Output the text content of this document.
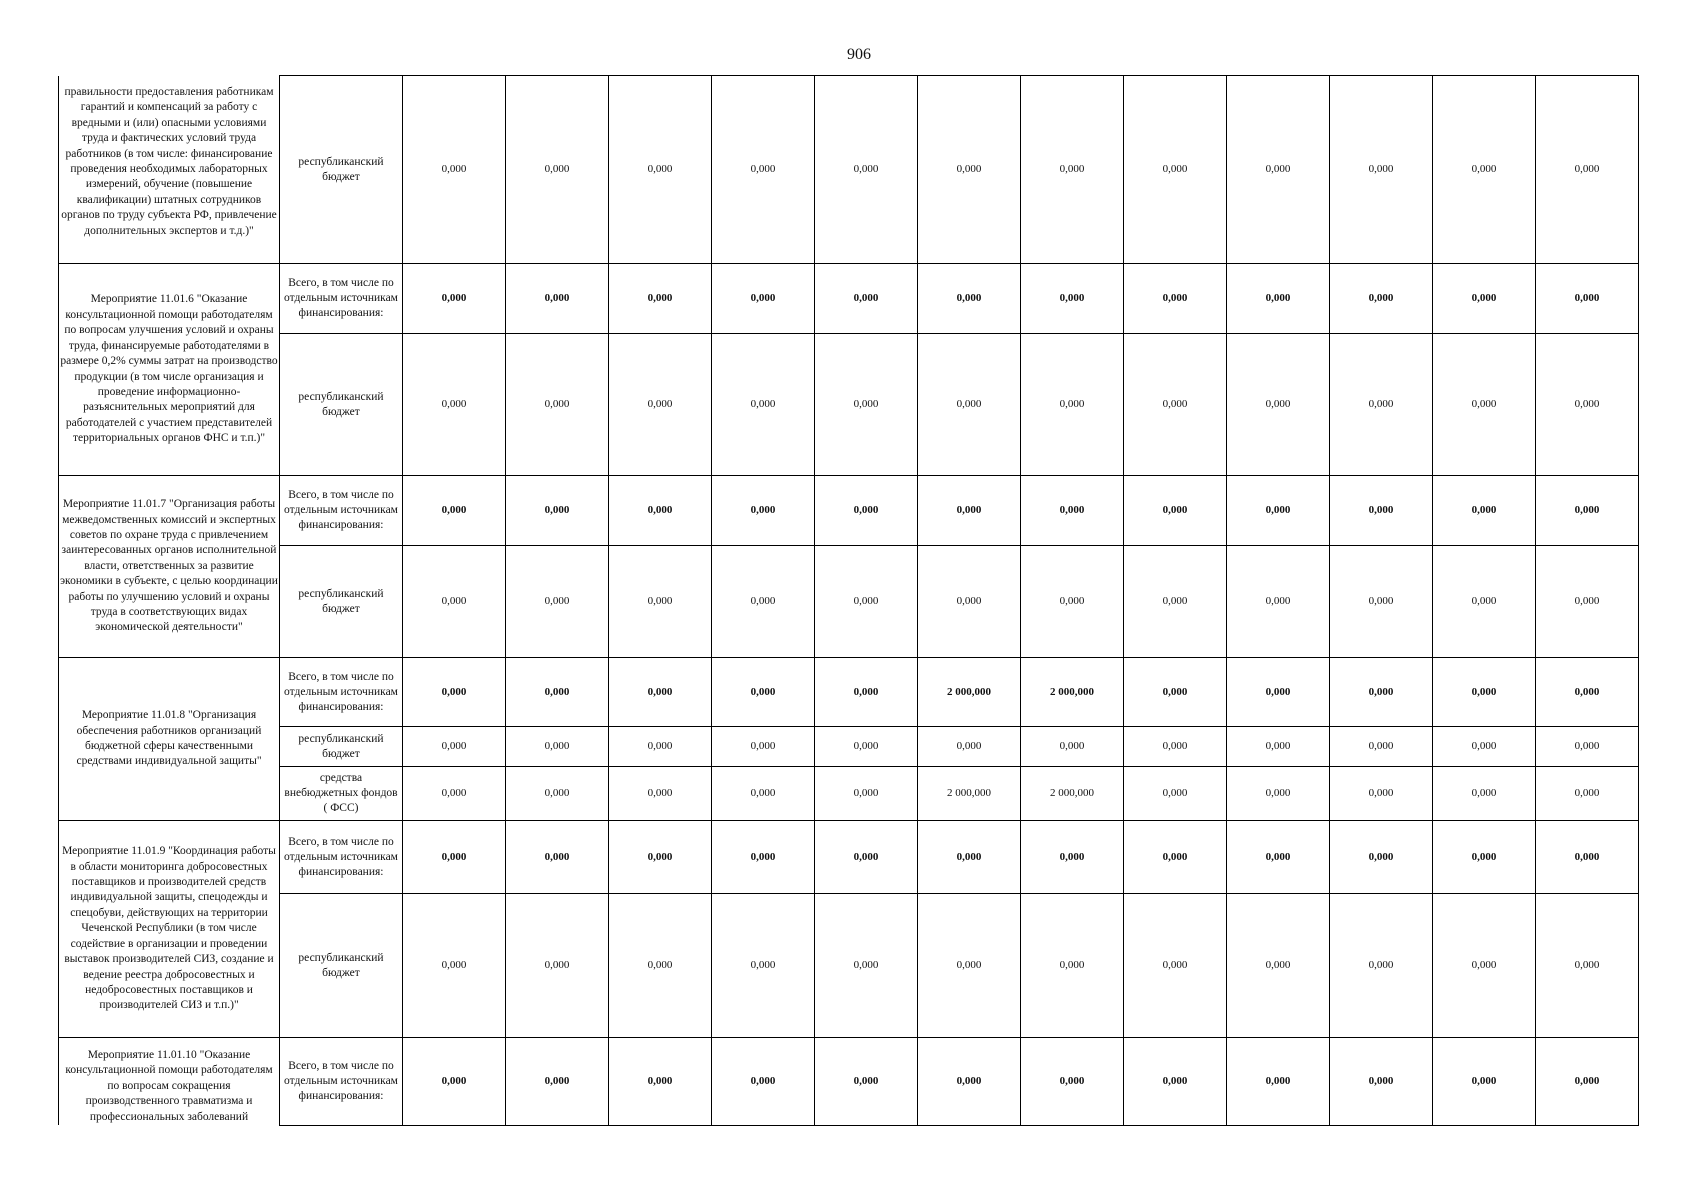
906
правильности предоставления работникам гарантий и компенсаций за работу с вредными и (или) опасными условиями труда и фактических условий труда работников (в том числе: финансирование проведения необходимых лабораторных измерений, обучение (повышение квалификации) штатных сотрудников органов по труду субъекта РФ, привлечение дополнительных экспертов и т.д.)"	республиканский бюджет	0,000	0,000	0,000	0,000	0,000	0,000	0,000	0,000	0,000	0,000	0,000	0,000
Мероприятие 11.01.6 "Оказание консультационной помощи работодателям по вопросам улучшения условий и охраны труда, финансируемые работодателями в размере 0,2% суммы затрат на производство продукции (в том числе организация и проведение информационно-разъяснительных мероприятий для работодателей с участием представителей территориальных органов ФНС и т.п.)"	Всего, в том числе по отдельным источникам финансирования:	0,000	0,000	0,000	0,000	0,000	0,000	0,000	0,000	0,000	0,000	0,000	0,000
	республиканский бюджет	0,000	0,000	0,000	0,000	0,000	0,000	0,000	0,000	0,000	0,000	0,000	0,000
Мероприятие 11.01.7 "Организация работы межведомственных комиссий и экспертных советов по охране труда с привлечением заинтересованных органов исполнительной власти, ответственных за развитие экономики в субъекте, с целью координации работы по улучшению условий и охраны труда в соответствующих видах экономической деятельности"	Всего, в том числе по отдельным источникам финансирования:	0,000	0,000	0,000	0,000	0,000	0,000	0,000	0,000	0,000	0,000	0,000	0,000
	республиканский бюджет	0,000	0,000	0,000	0,000	0,000	0,000	0,000	0,000	0,000	0,000	0,000	0,000
Мероприятие 11.01.8 "Организация обеспечения работников организаций бюджетной сферы качественными средствами индивидуальной защиты"	Всего, в том числе по отдельным источникам финансирования:	0,000	0,000	0,000	0,000	0,000	2 000,000	2 000,000	0,000	0,000	0,000	0,000	0,000
	республиканский бюджет	0,000	0,000	0,000	0,000	0,000	0,000	0,000	0,000	0,000	0,000	0,000	0,000
	средства внебюджетных фондов ( ФСС)	0,000	0,000	0,000	0,000	0,000	2 000,000	2 000,000	0,000	0,000	0,000	0,000	0,000
Мероприятие 11.01.9 "Координация работы в области мониторинга добросовестных поставщиков и производителей средств индивидуальной защиты, спецодежды и спецобуви, действующих на территории Чеченской Республики (в том числе содействие в организации и проведении выставок производителей СИЗ, создание и ведение реестра добросовестных и недобросовестных поставщиков и производителей СИЗ и т.п.)"	Всего, в том числе по отдельным источникам финансирования:	0,000	0,000	0,000	0,000	0,000	0,000	0,000	0,000	0,000	0,000	0,000	0,000
	республиканский бюджет	0,000	0,000	0,000	0,000	0,000	0,000	0,000	0,000	0,000	0,000	0,000	0,000
Мероприятие 11.01.10 "Оказание консультационной помощи работодателям по вопросам сокращения производственного травматизма и профессиональных заболеваний	Всего, в том числе по отдельным источникам финансирования:	0,000	0,000	0,000	0,000	0,000	0,000	0,000	0,000	0,000	0,000	0,000	0,000
